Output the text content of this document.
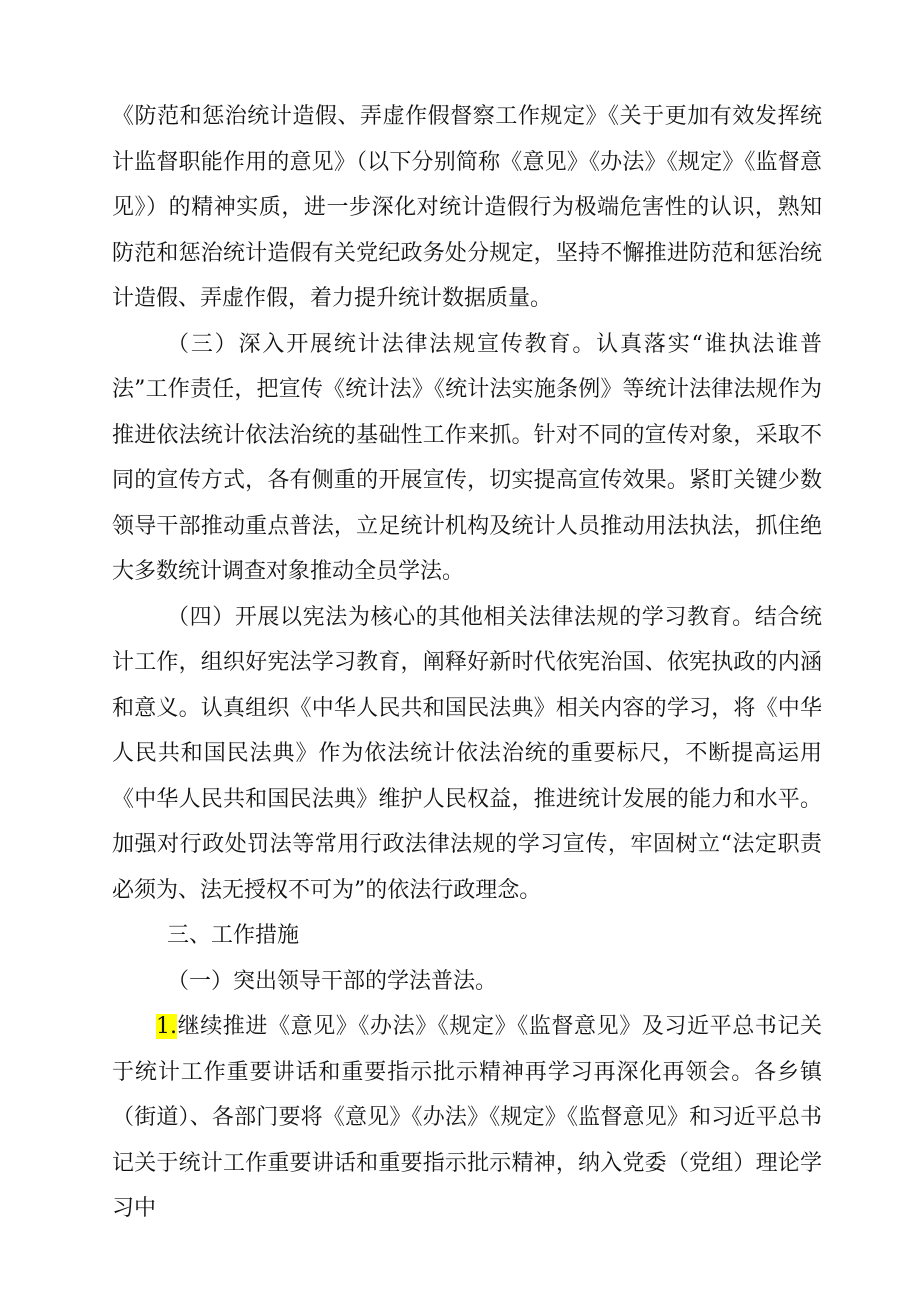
《防范和惩治统计造假、弄虚作假督察工作规定》《关于更加有效发挥统计监督职能作用的意见》（以下分别简称《意见》《办法》《规定》《监督意见》）的精神实质，进一步深化对统计造假行为极端危害性的认识，熟知防范和惩治统计造假有关党纪政务处分规定，坚持不懈推进防范和惩治统计造假、弄虚作假，着力提升统计数据质量。

（三）深入开展统计法律法规宣传教育。认真落实“谁执法谁普法”工作责任，把宣传《统计法》《统计法实施条例》等统计法律法规作为推进依法统计依法治统的基础性工作来抓。针对不同的宣传对象，采取不同的宣传方式，各有侧重的开展宣传，切实提高宣传效果。紧盯关键少数领导干部推动重点普法，立足统计机构及统计人员推动用法执法，抓住绝大多数统计调查对象推动全员学法。

（四）开展以宪法为核心的其他相关法律法规的学习教育。结合统计工作，组织好宪法学习教育，阐释好新时代依宪治国、依宪执政的内涵和意义。认真组织《中华人民共和国民法典》相关内容的学习，将《中华人民共和国民法典》作为依法统计依法治统的重要标尺，不断提高运用《中华人民共和国民法典》维护人民权益，推进统计发展的能力和水平。加强对行政处罚法等常用行政法律法规的学习宣传，牢固树立“法定职责必须为、法无授权不可为”的依法行政理念。

三、工作措施

（一）突出领导干部的学法普法。

1.继续推进《意见》《办法》《规定》《监督意见》及习近平总书记关于统计工作重要讲话和重要指示批示精神再学习再深化再领会。各乡镇（街道）、各部门要将《意见》《办法》《规定》《监督意见》和习近平总书记关于统计工作重要讲话和重要指示批示精神，纳入党委（党组）理论学习中
